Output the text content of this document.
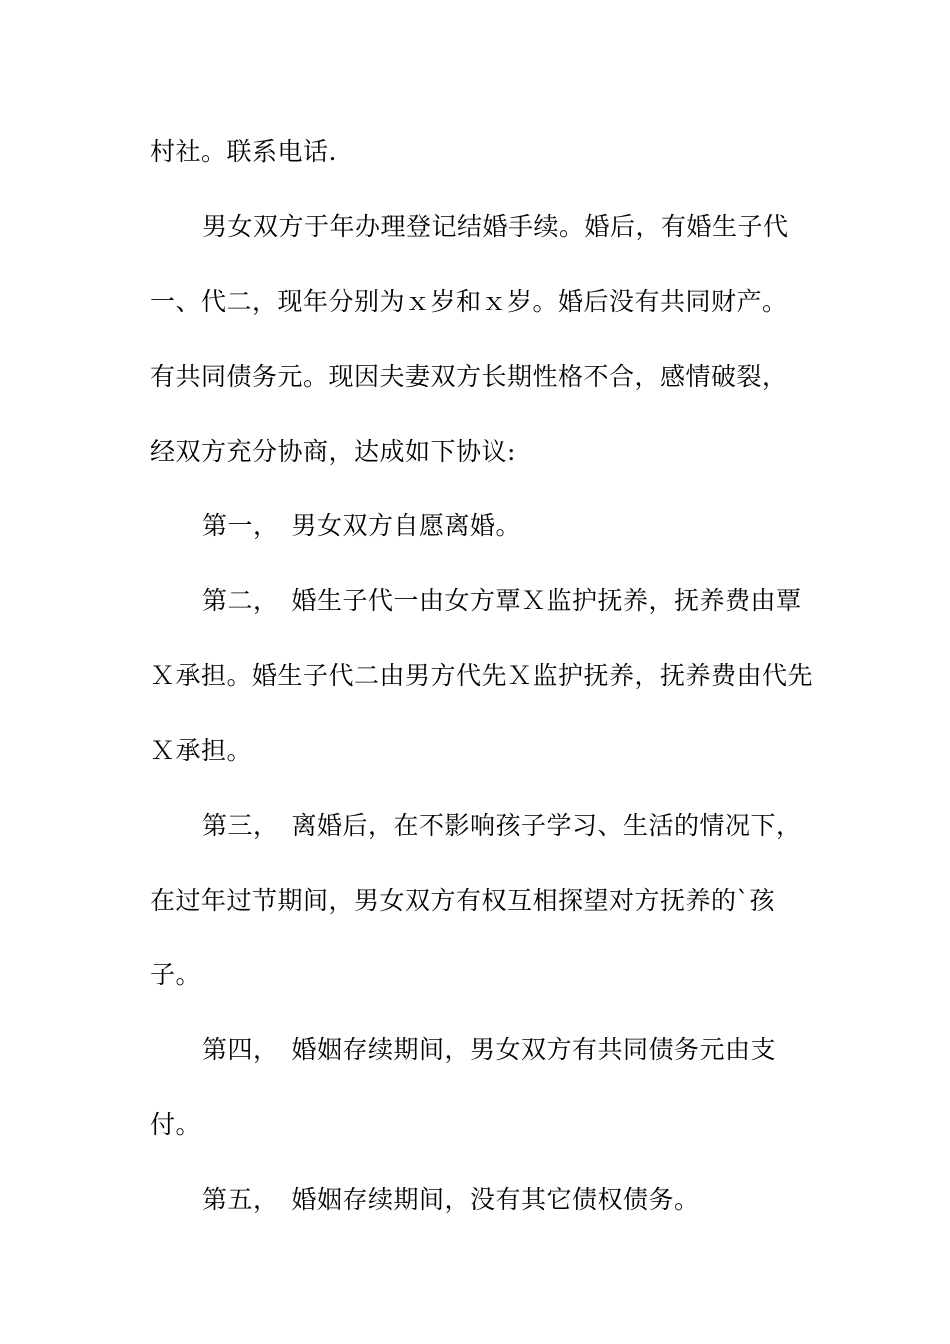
村社。联系电话.
男女双方于年办理登记结婚手续。婚后，有婚生子代
一、代二，现年分别为ｘ岁和ｘ岁。婚后没有共同财产。
有共同债务元。现因夫妻双方长期性格不合，感情破裂，
经双方充分协商，达成如下协议:
第一，　男女双方自愿离婚。
第二，　婚生子代一由女方覃Ｘ监护抚养，抚养费由覃
Ｘ承担。婚生子代二由男方代先Ｘ监护抚养，抚养费由代先
Ｘ承担。
第三，　离婚后，在不影响孩子学习、生活的情况下，
在过年过节期间，男女双方有权互相探望对方抚养的`孩
子。
第四，　婚姻存续期间，男女双方有共同债务元由支
付。
第五，　婚姻存续期间，没有其它债权债务。
